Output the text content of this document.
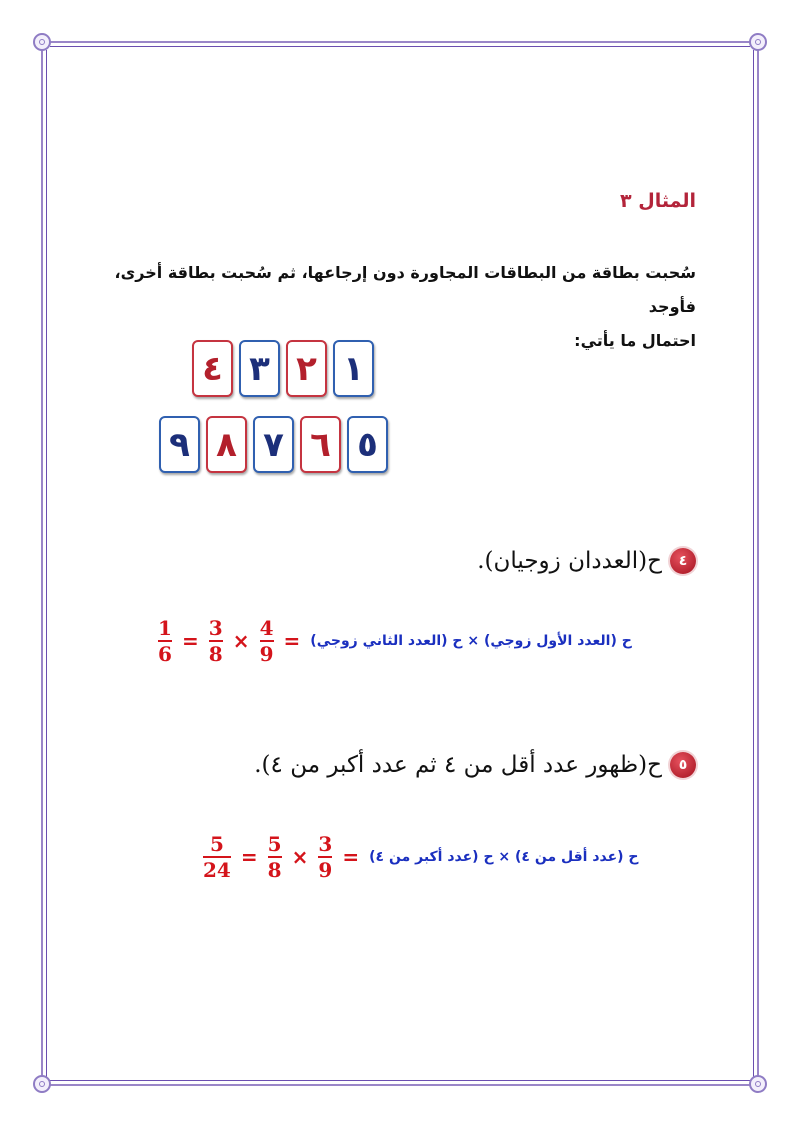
المثال ٣
سُحبت بطاقة من البطاقات المجاورة دون إرجاعها، ثم سُحبت بطاقة أخرى، فأوجد
احتمال ما يأتي:
١
٢
٣
٤
٥
٦
٧
٨
٩
٤
ح(العددان زوجيان).
$\frac{1}{6} = \frac{3}{8} \times \frac{4}{9}$ = ح (العدد الأول زوجي) × ح (العدد الثاني زوجي)
٥
ح(ظهور عدد أقل من ٤ ثم عدد أكبر من ٤).
$\frac{5}{24} = \frac{5}{8} \times \frac{3}{9}$ = ح (عدد أقل من ٤) × ح (عدد أكبر من ٤)
